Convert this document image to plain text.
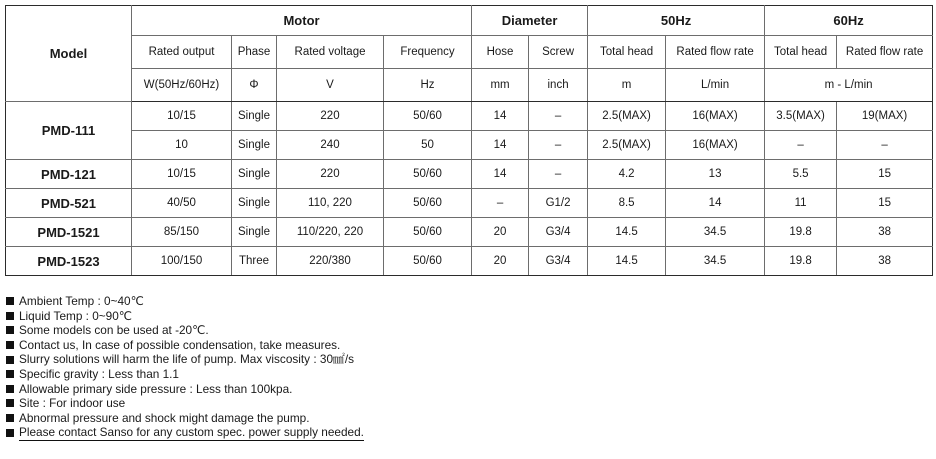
Model	Motor				Diameter		50Hz		60Hz	
	Rated output	Phase	Rated voltage	Frequency	Hose	Screw	Total head	Rated flow rate	Total head	Rated flow rate
	W(50Hz/60Hz)	Φ	V	Hz	mm	inch	m	L/min	m - L/min	
PMD-111	10/15	Single	220	50/60	14	–	2.5(MAX)	16(MAX)	3.5(MAX)	19(MAX)
	10	Single	240	50	14	–	2.5(MAX)	16(MAX)	–	–
PMD-121	10/15	Single	220	50/60	14	–	4.2	13	5.5	15
PMD-521	40/50	Single	110, 220	50/60	–	G1/2	8.5	14	11	15
PMD-1521	85/150	Single	110/220, 220	50/60	20	G3/4	14.5	34.5	19.8	38
PMD-1523	100/150	Three	220/380	50/60	20	G3/4	14.5	34.5	19.8	38
Ambient Temp : 0~40℃
Liquid Temp : 0~90℃
Some models con be used at -20℃.
Contact us, In case of possible condensation, take measures.
Slurry solutions will harm the life of pump. Max viscosity : 30㎟/s
Specific gravity : Less than 1.1
Allowable primary side pressure : Less than 100kpa.
Site : For indoor use
Abnormal pressure and shock might damage the pump.
Please contact Sanso for any custom spec. power supply needed.
